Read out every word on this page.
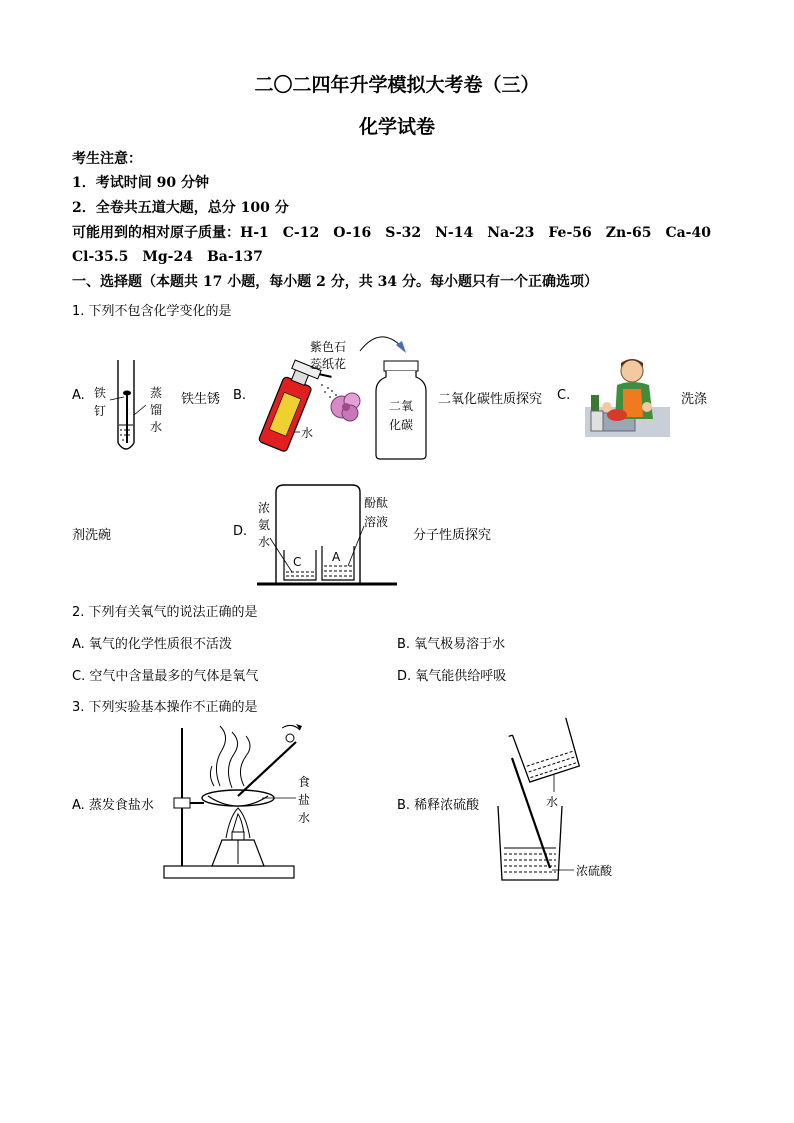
二〇二四年升学模拟大考卷（三）
化学试卷
考生注意：
1．考试时间 90 分钟
2．全卷共五道大题，总分 100 分
可能用到的相对原子质量：H-1　C-12　O-16　S-32　N-14　Na-23　Fe-56　Zn-65　Ca-40
Cl-35.5　Mg-24　Ba-137
一、选择题（本题共 17 小题，每小题 2 分，共 34 分。每小题只有一个正确选项）
1. 下列不包含化学变化的是
A. 铁
钉
蒸
馏
水
铁生锈 B.
水
紫色石
蕊纸花
二氧
化碳
二氧化碳性质探究 C.	洗涤
剂洗碗	D.
C	A
浓
氨
水
酚酞
溶液
分子性质探究
2. 下列有关氧气的说法正确的是
A. 氧气的化学性质很不活泼	B. 氧气极易溶于水
C. 空气中含量最多的气体是氧气	D. 氧气能供给呼吸
3. 下列实验基本操作不正确的是
A. 蒸发食盐水
食
盐
水
B. 稀释浓硫酸	水
浓硫酸
